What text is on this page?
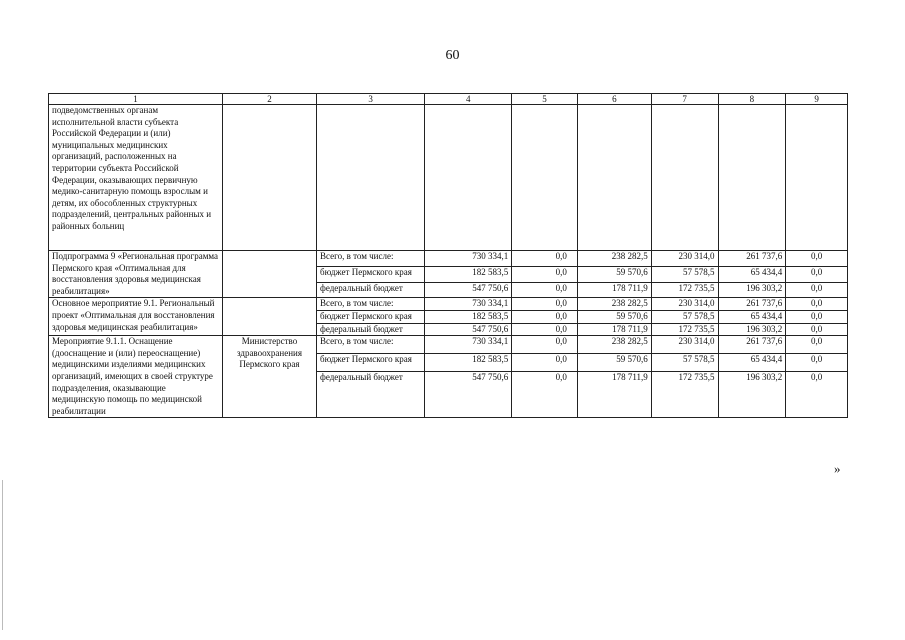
60
1	2	3	4	5	6	7	8	9
подведомственных органам исполнительной власти субъекта Российской Федерации и (или) муниципальных медицинских организаций, расположенных на территории субъекта Российской Федерации, оказывающих первичную медико-санитарную помощь взрослым и детям, их обособленных структурных подразделений, центральных районных и районных больниц								
Подпрограмма 9 «Региональная программа Пермского края «Оптимальная для восстановления здоровья медицинская реабилитация»		Всего, в том числе:	730 334,1	0,0	238 282,5	230 314,0	261 737,6	0,0
		бюджет Пермского края	182 583,5	0,0	59 570,6	57 578,5	65 434,4	0,0
		федеральный бюджет	547 750,6	0,0	178 711,9	172 735,5	196 303,2	0,0
Основное мероприятие 9.1. Региональный проект «Оптимальная для восстановления здоровья медицинская реабилитация»		Всего, в том числе:	730 334,1	0,0	238 282,5	230 314,0	261 737,6	0,0
		бюджет Пермского края	182 583,5	0,0	59 570,6	57 578,5	65 434,4	0,0
		федеральный бюджет	547 750,6	0,0	178 711,9	172 735,5	196 303,2	0,0
Мероприятие 9.1.1. Оснащение (дооснащение и (или) переоснащение) медицинскими изделиями медицинских организаций, имеющих в своей структуре подразделения, оказывающие медицинскую помощь по медицинской реабилитации	Министерство здравоохранения Пермского края	Всего, в том числе:	730 334,1	0,0	238 282,5	230 314,0	261 737,6	0,0
		бюджет Пермского края	182 583,5	0,0	59 570,6	57 578,5	65 434,4	0,0
		федеральный бюджет	547 750,6	0,0	178 711,9	172 735,5	196 303,2	0,0
»
